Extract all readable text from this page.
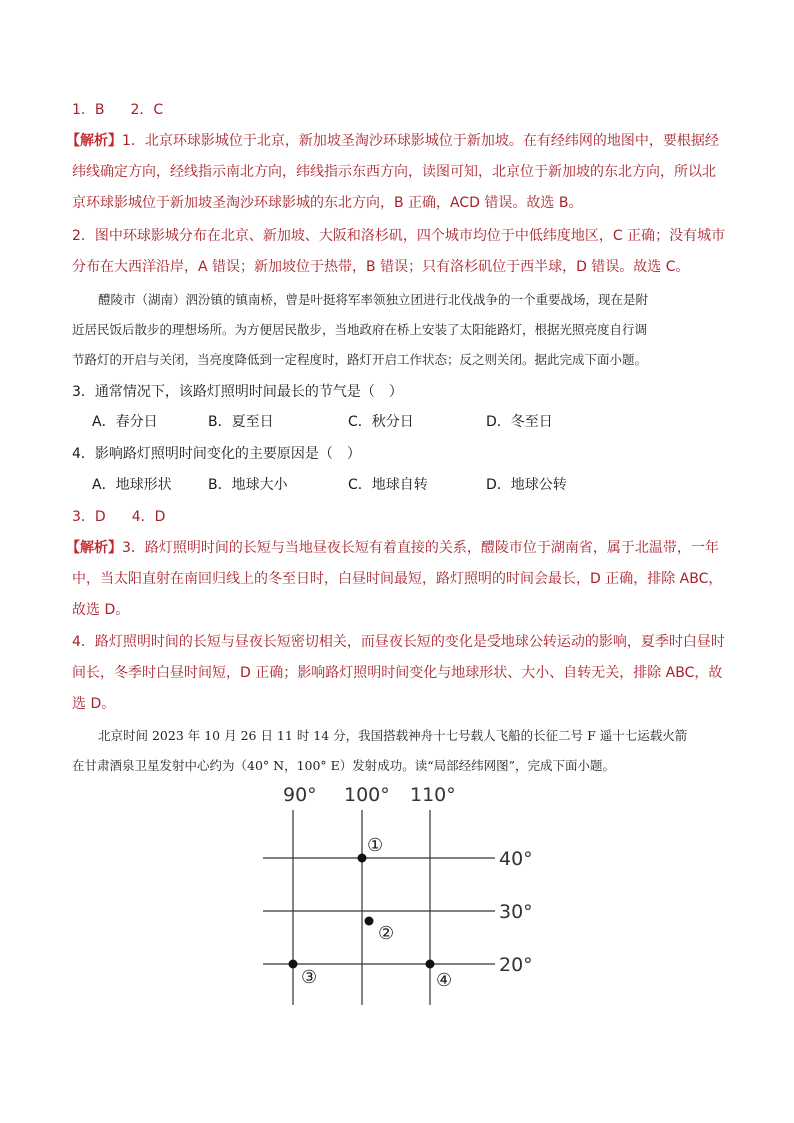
1．B 2．C
【解析】1．北京环球影城位于北京，新加坡圣淘沙环球影城位于新加坡。在有经纬网的地图中，要根据经
纬线确定方向，经线指示南北方向，纬线指示东西方向，读图可知，北京位于新加坡的东北方向，所以北
京环球影城位于新加坡圣淘沙环球影城的东北方向，B 正确，ACD 错误。故选 B。
2．图中环球影城分布在北京、新加坡、大阪和洛杉矶，四个城市均位于中低纬度地区，C 正确；没有城市
分布在大西洋沿岸，A 错误；新加坡位于热带，B 错误；只有洛杉矶位于西半球，D 错误。故选 C。
醴陵市（湖南）泗汾镇的镇南桥，曾是叶挺将军率领独立团进行北伐战争的一个重要战场，现在是附
近居民饭后散步的理想场所。为方便居民散步，当地政府在桥上安装了太阳能路灯，根据光照亮度自行调
节路灯的开启与关闭，当亮度降低到一定程度时，路灯开启工作状态；反之则关闭。据此完成下面小题。
3．通常情况下，该路灯照明时间最长的节气是（　）
A．春分日	B．夏至日	C．秋分日	D．冬至日
4．影响路灯照明时间变化的主要原因是（　）
A．地球形状	B．地球大小	C．地球自转	D．地球公转
3．D 4．D
【解析】3．路灯照明时间的长短与当地昼夜长短有着直接的关系，醴陵市位于湖南省，属于北温带，一年
中，当太阳直射在南回归线上的冬至日时，白昼时间最短，路灯照明的时间会最长，D 正确，排除 ABC，
故选 D。
4．路灯照明时间的长短与昼夜长短密切相关，而昼夜长短的变化是受地球公转运动的影响，夏季时白昼时
间长，冬季时白昼时间短，D 正确；影响路灯照明时间变化与地球形状、大小、自转无关，排除 ABC，故
选 D。
北京时间 2023 年 10 月 26 日 11 时 14 分，我国搭载神舟十七号载人飞船的长征二号 F 遥十七运载火箭
在甘肃酒泉卫星发射中心约为（40° N，100° E）发射成功。读“局部经纬网图”，完成下面小题。
90° 100° 110°
40°
30°
20°
①
②
③	④
